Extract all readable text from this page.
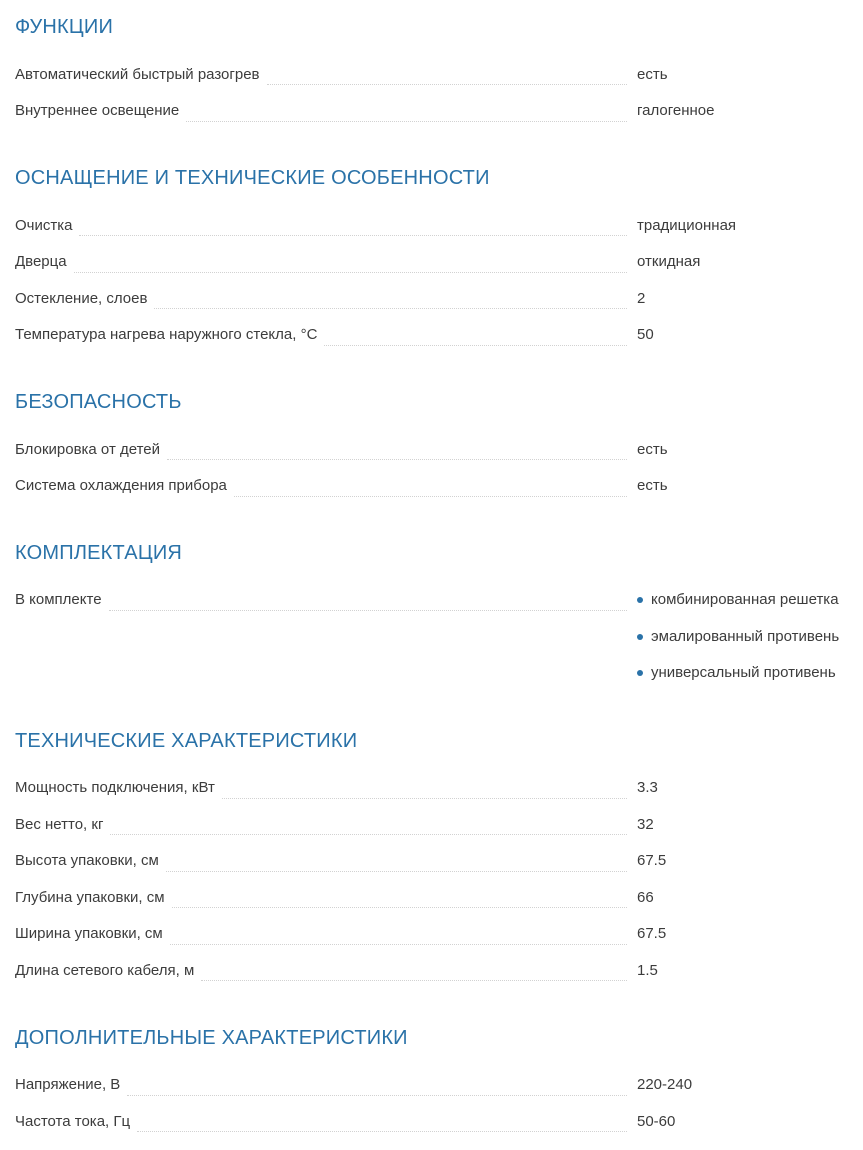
ФУНКЦИИ
Автоматический быстрый разогрев	есть
Внутреннее освещение	галогенное
ОСНАЩЕНИЕ И ТЕХНИЧЕСКИЕ ОСОБЕННОСТИ
Очистка	традиционная
Дверца	откидная
Остекление, слоев	2
Температура нагрева наружного стекла, °С	50
БЕЗОПАСНОСТЬ
Блокировка от детей	есть
Система охлаждения прибора	есть
КОМПЛЕКТАЦИЯ
В комплекте	комбинированная решетка
эмалированный противень
универсальный противень
ТЕХНИЧЕСКИЕ ХАРАКТЕРИСТИКИ
Мощность подключения, кВт	3.3
Вес нетто, кг	32
Высота упаковки, см	67.5
Глубина упаковки, см	66
Ширина упаковки, см	67.5
Длина сетевого кабеля, м	1.5
ДОПОЛНИТЕЛЬНЫЕ ХАРАКТЕРИСТИКИ
Напряжение, В	220-240
Частота тока, Гц	50-60
